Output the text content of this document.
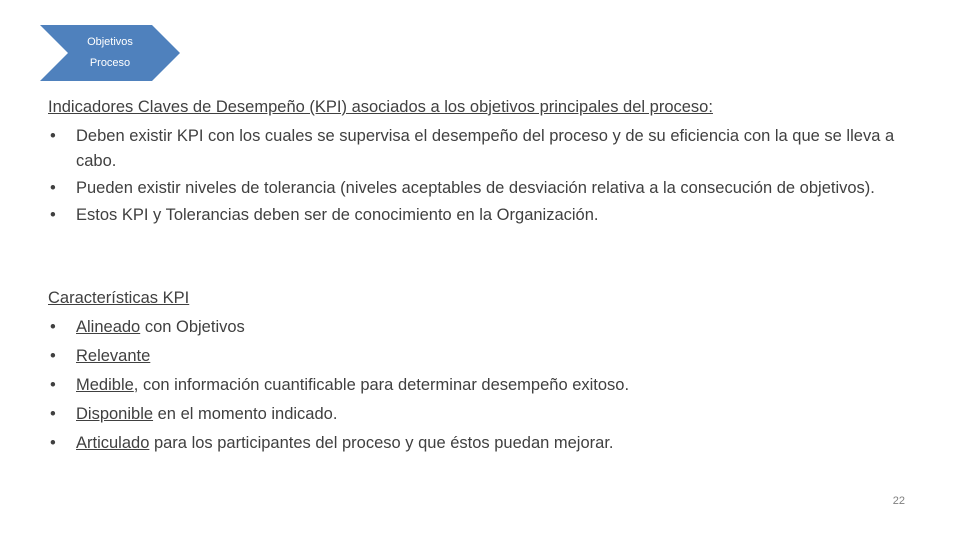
Objetivos
Proceso
Indicadores Claves de Desempeño (KPI) asociados a los objetivos principales del proceso:
• Deben existir KPI con los cuales se supervisa el desempeño del proceso y de su eficiencia con la que se lleva a cabo.
• Pueden existir niveles de tolerancia (niveles aceptables de desviación relativa a la consecución de objetivos).
• Estos KPI y Tolerancias deben ser de conocimiento en la Organización.
Características KPI
• Alineado con Objetivos
• Relevante
• Medible, con información cuantificable para determinar desempeño exitoso.
• Disponible en el momento indicado.
• Articulado para los participantes del proceso y que éstos puedan mejorar.
22
